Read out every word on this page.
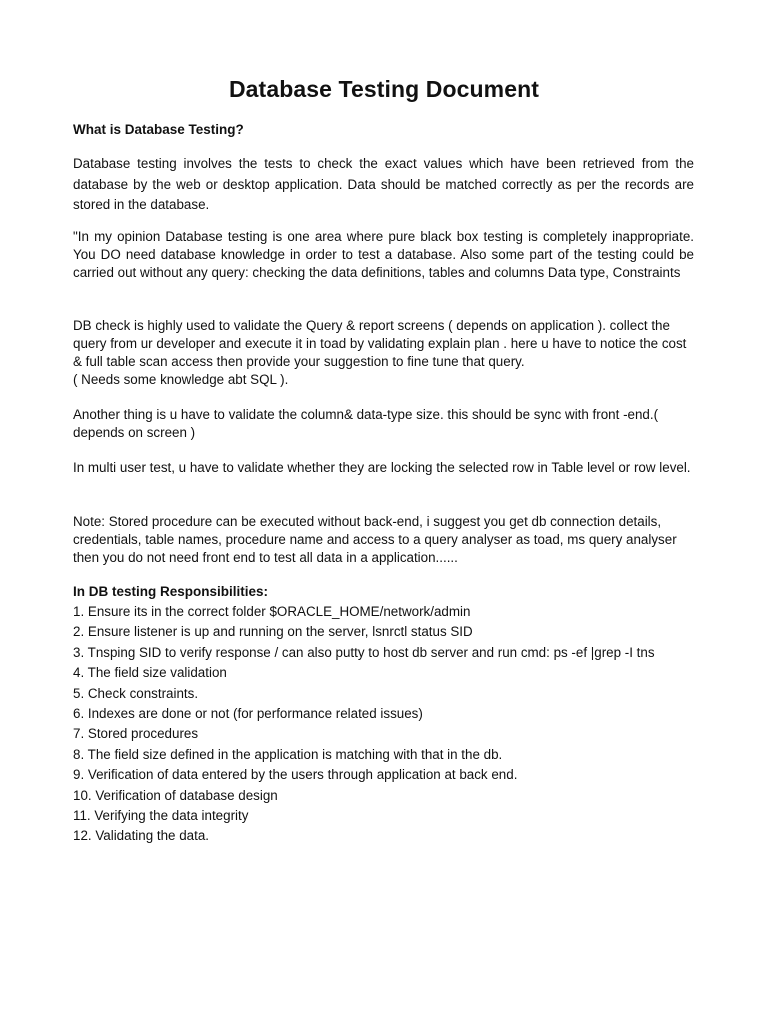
Database Testing Document
What is Database Testing?

Database testing involves the tests to check the exact values which have been retrieved from the database by the web or desktop application. Data should be matched correctly as per the records are stored in the database.

"In my opinion Database testing is one area where pure black box testing is completely inappropriate. You DO need database knowledge in order to test a database. Also some part of the testing could be carried out without any query: checking the data definitions, tables and columns Data type, Constraints

DB check is highly used to validate the Query & report screens ( depends on application ). collect the query from ur developer and execute it in toad by validating explain plan . here u have to notice the cost & full table scan access then provide your suggestion to fine tune that query.
( Needs some knowledge abt SQL ).

Another thing is u have to validate the column& data-type size. this should be sync with front -end.( depends on screen )

In multi user test, u have to validate whether they are locking the selected row in Table level or row level.

Note: Stored procedure can be executed without back-end, i suggest you get db connection details, credentials, table names, procedure name and access to a query analyser as toad, ms query analyser then you do not need front end to test all data in a application......

In DB testing Responsibilities:
1. Ensure its in the correct folder $ORACLE_HOME/network/admin
2. Ensure listener is up and running on the server, lsnrctl status SID
3. Tnsping SID to verify response / can also putty to host db server and run cmd: ps -ef |grep -I tns
4. The field size validation
5. Check constraints.
6. Indexes are done or not (for performance related issues)
7. Stored procedures
8. The field size defined in the application is matching with that in the db.
9. Verification of data entered by the users through application at back end.
10. Verification of database design
11. Verifying the data integrity
12. Validating the data.
